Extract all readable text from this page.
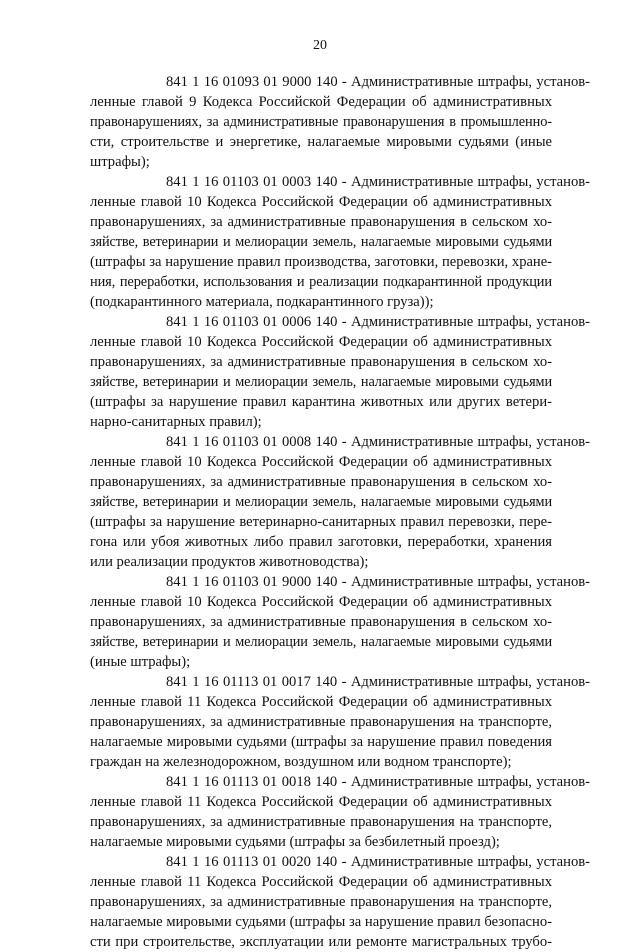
20
841 1 16 01093 01 9000 140 - Административные штрафы, установ-
ленные главой 9 Кодекса Российской Федерации об административных
правонарушениях, за административные правонарушения в промышленно-
сти, строительстве и энергетике, налагаемые мировыми судьями (иные
штрафы);
841 1 16 01103 01 0003 140 - Административные штрафы, установ-
ленные главой 10 Кодекса Российской Федерации об административных
правонарушениях, за административные правонарушения в сельском хо-
зяйстве, ветеринарии и мелиорации земель, налагаемые мировыми судьями
(штрафы за нарушение правил производства, заготовки, перевозки, хране-
ния, переработки, использования и реализации подкарантинной продукции
(подкарантинного материала, подкарантинного груза));
841 1 16 01103 01 0006 140 - Административные штрафы, установ-
ленные главой 10 Кодекса Российской Федерации об административных
правонарушениях, за административные правонарушения в сельском хо-
зяйстве, ветеринарии и мелиорации земель, налагаемые мировыми судьями
(штрафы за нарушение правил карантина животных или других ветери-
нарно-санитарных правил);
841 1 16 01103 01 0008 140 - Административные штрафы, установ-
ленные главой 10 Кодекса Российской Федерации об административных
правонарушениях, за административные правонарушения в сельском хо-
зяйстве, ветеринарии и мелиорации земель, налагаемые мировыми судьями
(штрафы за нарушение ветеринарно-санитарных правил перевозки, пере-
гона или убоя животных либо правил заготовки, переработки, хранения
или реализации продуктов животноводства);
841 1 16 01103 01 9000 140 - Административные штрафы, установ-
ленные главой 10 Кодекса Российской Федерации об административных
правонарушениях, за административные правонарушения в сельском хо-
зяйстве, ветеринарии и мелиорации земель, налагаемые мировыми судьями
(иные штрафы);
841 1 16 01113 01 0017 140 - Административные штрафы, установ-
ленные главой 11 Кодекса Российской Федерации об административных
правонарушениях, за административные правонарушения на транспорте,
налагаемые мировыми судьями (штрафы за нарушение правил поведения
граждан на железнодорожном, воздушном или водном транспорте);
841 1 16 01113 01 0018 140 - Административные штрафы, установ-
ленные главой 11 Кодекса Российской Федерации об административных
правонарушениях, за административные правонарушения на транспорте,
налагаемые мировыми судьями (штрафы за безбилетный проезд);
841 1 16 01113 01 0020 140 - Административные штрафы, установ-
ленные главой 11 Кодекса Российской Федерации об административных
правонарушениях, за административные правонарушения на транспорте,
налагаемые мировыми судьями (штрафы за нарушение правил безопасно-
сти при строительстве, эксплуатации или ремонте магистральных трубо-
